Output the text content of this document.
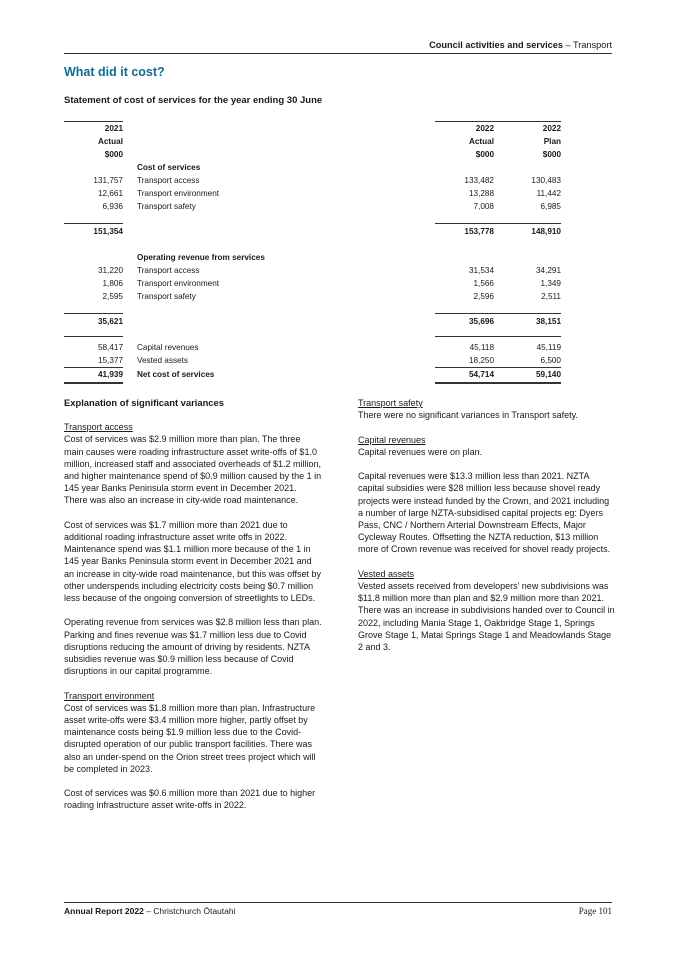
Council activities and services – Transport
What did it cost?
Statement of cost of services for the year ending 30 June
2021	2022	2022
Actual	Actual	Plan
$000	$000	$000
Cost of services
131,757 Transport access	133,482	130,483
12,661 Transport environment	13,288	11,442
6,936 Transport safety	7,008	6,985
151,354	153,778	148,910
Operating revenue from services
31,220 Transport access	31,534	34,291
1,806 Transport environment	1,566	1,349
2,595 Transport safety	2,596	2,511
35,621	35,696	38,151
58,417 Capital revenues	45,118	45,119
15,377 Vested assets	18,250	6,500
41,939 Net cost of services	54,714	59,140

Explanation of significant variances

Transport access
Cost of services was $2.9 million more than plan. The three main causes were roading infrastructure asset write-offs of $1.0 million, increased staff and associated overheads of $1.2 million, and higher maintenance spend of $0.9 million caused by the 1 in 145 year Banks Peninsula storm event in December 2021. There was also an increase in city-wide road maintenance.

Cost of services was $1.7 million more than 2021 due to additional roading infrastructure asset write offs in 2022. Maintenance spend was $1.1 million more because of the 1 in 145 year Banks Peninsula storm event in December 2021 and an increase in city-wide road maintenance, but this was offset by other underspends including electricity costs being $0.7 million less because of the ongoing conversion of streetlights to LEDs.

Operating revenue from services was $2.8 million less than plan. Parking and fines revenue was $1.7 million less due to Covid disruptions reducing the amount of driving by residents. NZTA subsidies revenue was $0.9 million less because of Covid disruptions in our capital programme.

Transport environment
Cost of services was $1.8 million more than plan. Infrastructure asset write-offs were $3.4 million more higher, partly offset by maintenance costs being $1.9 million less due to the Covid-disrupted operation of our public transport facilities. There was also an under-spend on the Orion street trees project which will be completed in 2023.

Cost of services was $0.6 million more than 2021 due to higher roading infrastructure asset write-offs in 2022.

Transport safety
There were no significant variances in Transport safety.

Capital revenues
Capital revenues were on plan.

Capital revenues were $13.3 million less than 2021. NZTA capital subsidies were $28 million less because shovel ready projects were instead funded by the Crown, and 2021 including a number of large NZTA-subsidised capital projects eg: Dyers Pass, CNC / Northern Arterial Downstream Effects, Major Cycleway Routes. Offsetting the NZTA reduction, $13 million more of Crown revenue was received for shovel ready projects.

Vested assets
Vested assets received from developers' new subdivisions was $11.8 million more than plan and $2.9 million more than 2021. There was an increase in subdivisions handed over to Council in 2022, including Mania Stage 1, Oakbridge Stage 1, Springs Grove Stage 1, Matai Springs Stage 1 and Meadowlands Stage 2 and 3.

Annual Report 2022 – Christchurch Ōtautahi	Page 101
